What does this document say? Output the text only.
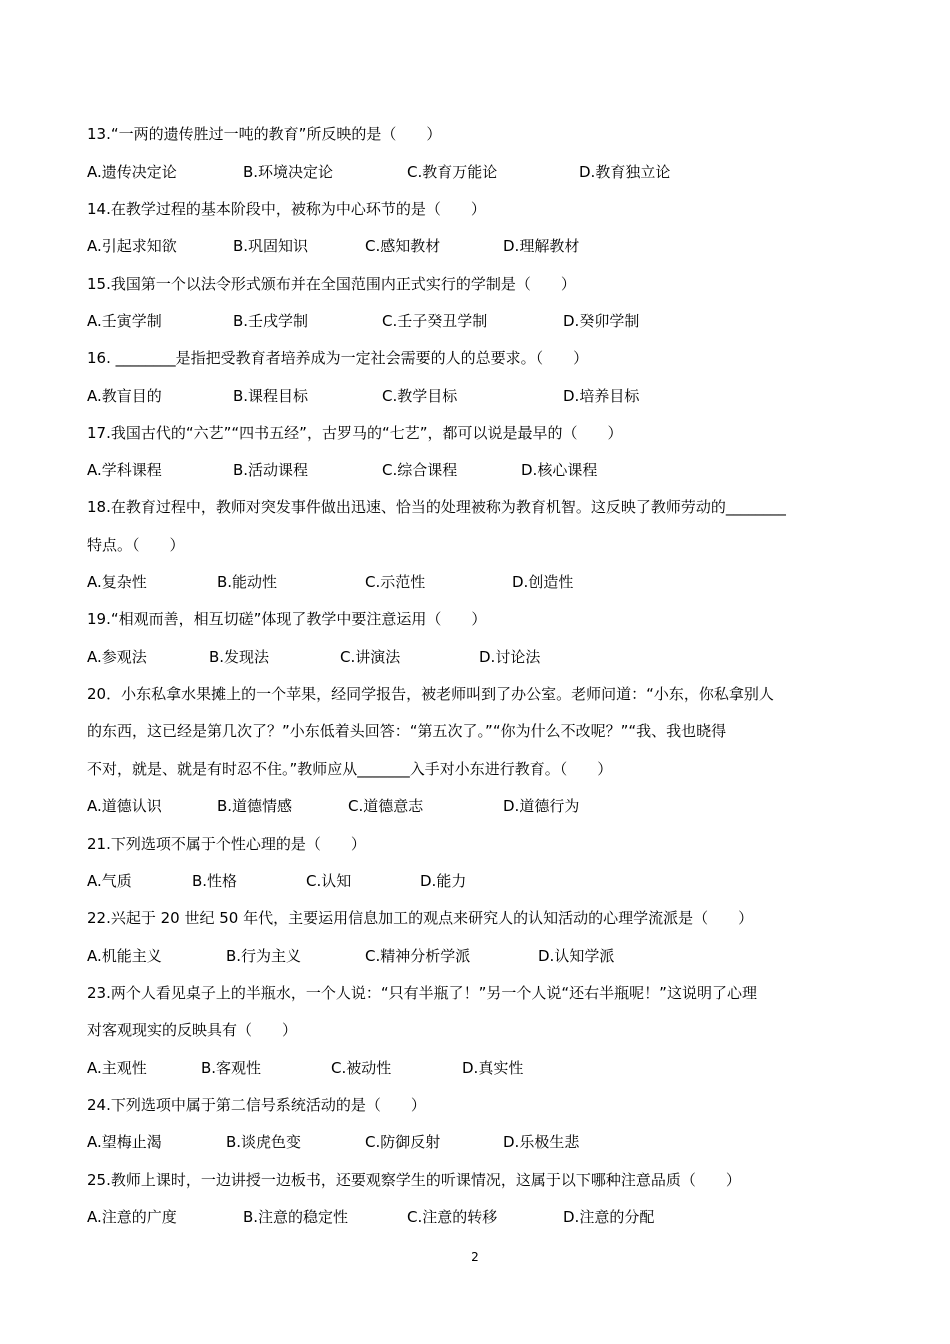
13.“一两的遗传胜过一吨的教育”所反映的是（　　）
A.遗传决定论	B.环境决定论	C.教育万能论	D.教育独立论
14.在教学过程的基本阶段中，被称为中心环节的是（　　）
A.引起求知欲	B.巩固知识	C.感知教材	D.理解教材
15.我国第一个以法令形式颁布并在全国范围内正式实行的学制是（　　）
A.壬寅学制	B.壬戌学制	C.壬子癸丑学制	D.癸卯学制
16. ________是指把受教育者培养成为一定社会需要的人的总要求。（　　）
A.教盲目的	B.课程目标	C.教学目标	D.培养目标
17.我国古代的“六艺”“四书五经”，古罗马的“七艺”，都可以说是最早的（　　）
A.学科课程	B.活动课程	C.综合课程	D.核心课程
18.在教育过程中，教师对突发事件做出迅速、恰当的处理被称为教育机智。这反映了教师劳动的________
特点。（　　）
A.复杂性	B.能动性	C.示范性	D.创造性
19.“相观而善，相互切磋”体现了教学中要注意运用（　　）
A.参观法	B.发现法	C.讲演法	D.讨论法
20．小东私拿水果摊上的一个苹果，经同学报告，被老师叫到了办公室。老师问道：“小东，你私拿别人
的东西，这已经是第几次了？”小东低着头回答：“第五次了。”“你为什么不改呢？”“我、我也晓得
不对，就是、就是有时忍不住。”教师应从_______入手对小东进行教育。（　　）
A.道德认识	B.道德情感	C.道德意志	D.道德行为
21.下列选项不属于个性心理的是（　　）
A.气质	B.性格	C.认知	D.能力
22.兴起于 20 世纪 50 年代，主要运用信息加工的观点来研究人的认知活动的心理学流派是（　　）
A.机能主义	B.行为主义	C.精神分析学派	D.认知学派
23.两个人看见桌子上的半瓶水，一个人说：“只有半瓶了！”另一个人说“还右半瓶呢！”这说明了心理
对客观现实的反映具有（　　）
A.主观性	B.客观性	C.被动性	D.真实性
24.下列选项中属于第二信号系统活动的是（　　）
A.望梅止渴	B.谈虎色变	C.防御反射	D.乐极生悲
25.教师上课时，一边讲授一边板书，还要观察学生的听课情况，这属于以下哪种注意品质（　　）
A.注意的广度	B.注意的稳定性	C.注意的转移	D.注意的分配
2
